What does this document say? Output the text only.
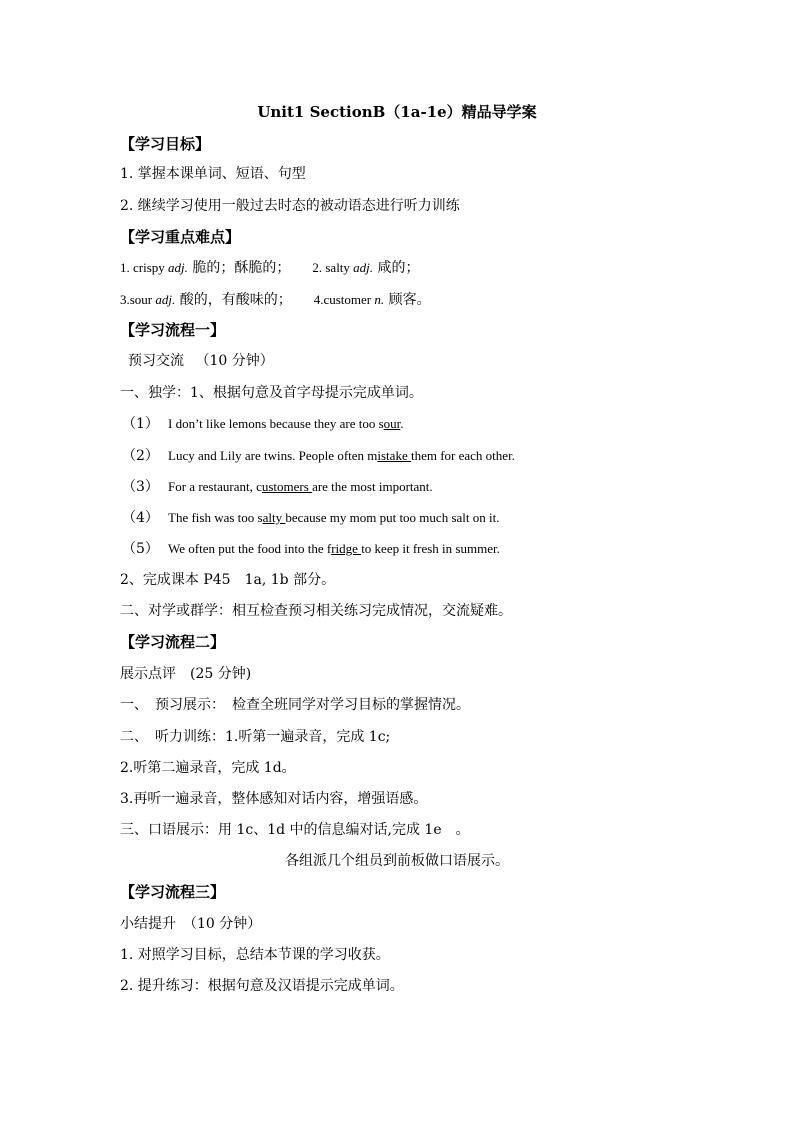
Unit1 SectionB（1a-1e）精品导学案
【学习目标】
1. 掌握本课单词、短语、句型
2. 继续学习使用一般过去时态的被动语态进行听力训练
【学习重点难点】
1. crispy adj. 脆的；酥脆的； 2. salty adj. 咸的；
3.sour adj. 酸的，有酸味的； 4.customer n. 顾客。
【学习流程一】
预习交流 　（10 分钟）
一、独学：1、根据句意及首字母提示完成单词。
（1） I don’t like lemons because they are too sour.
（2） Lucy and Lily are twins. People often mistake them for each other.
（3） For a restaurant, customers are the most important.
（4） The fish was too salty because my mom put too much salt on it.
（5） We often put the food into the fridge to keep it fresh in summer.
2、完成课本 P45　1a, 1b 部分。
二、对学或群学：相互检查预习相关练习完成情况，交流疑难。
【学习流程二】
展示点评　(25 分钟)
一、　预习展示：　检查全班同学对学习目标的掌握情况。
二、　听力训练：1.听第一遍录音，完成 1c;
2.听第二遍录音，完成 1d。
3.再听一遍录音，整体感知对话内容，增强语感。
三、口语展示：用 1c、1d 中的信息编对话,完成 1e　。
各组派几个组员到前板做口语展示。
【学习流程三】
小结提升　（10 分钟）
1. 对照学习目标，总结本节课的学习收获。
2. 提升练习：根据句意及汉语提示完成单词。
